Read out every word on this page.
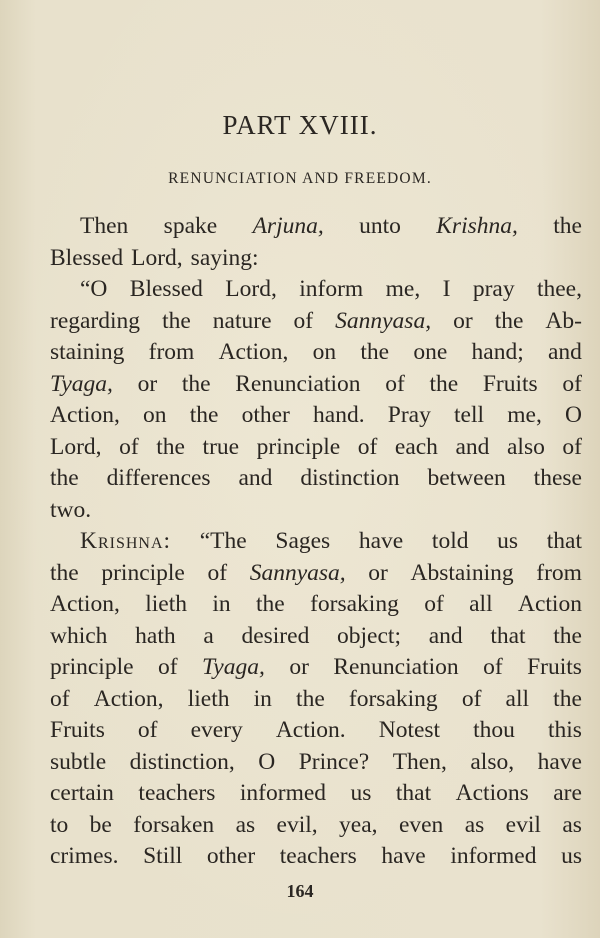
PART XVIII.
RENUNCIATION AND FREEDOM.
Then spake Arjuna, unto Krishna, the
Blessed Lord, saying:
“O Blessed Lord, inform me, I pray thee,
regarding the nature of Sannyasa, or the Ab-
staining from Action, on the one hand; and
Tyaga, or the Renunciation of the Fruits of
Action, on the other hand. Pray tell me, O
Lord, of the true principle of each and also of
the differences and distinction between these
two.
Krishna: “The Sages have told us that
the principle of Sannyasa, or Abstaining from
Action, lieth in the forsaking of all Action
which hath a desired object; and that the
principle of Tyaga, or Renunciation of Fruits
of Action, lieth in the forsaking of all the
Fruits of every Action. Notest thou this
subtle distinction, O Prince? Then, also, have
certain teachers informed us that Actions are
to be forsaken as evil, yea, even as evil as
crimes. Still other teachers have informed us
164
